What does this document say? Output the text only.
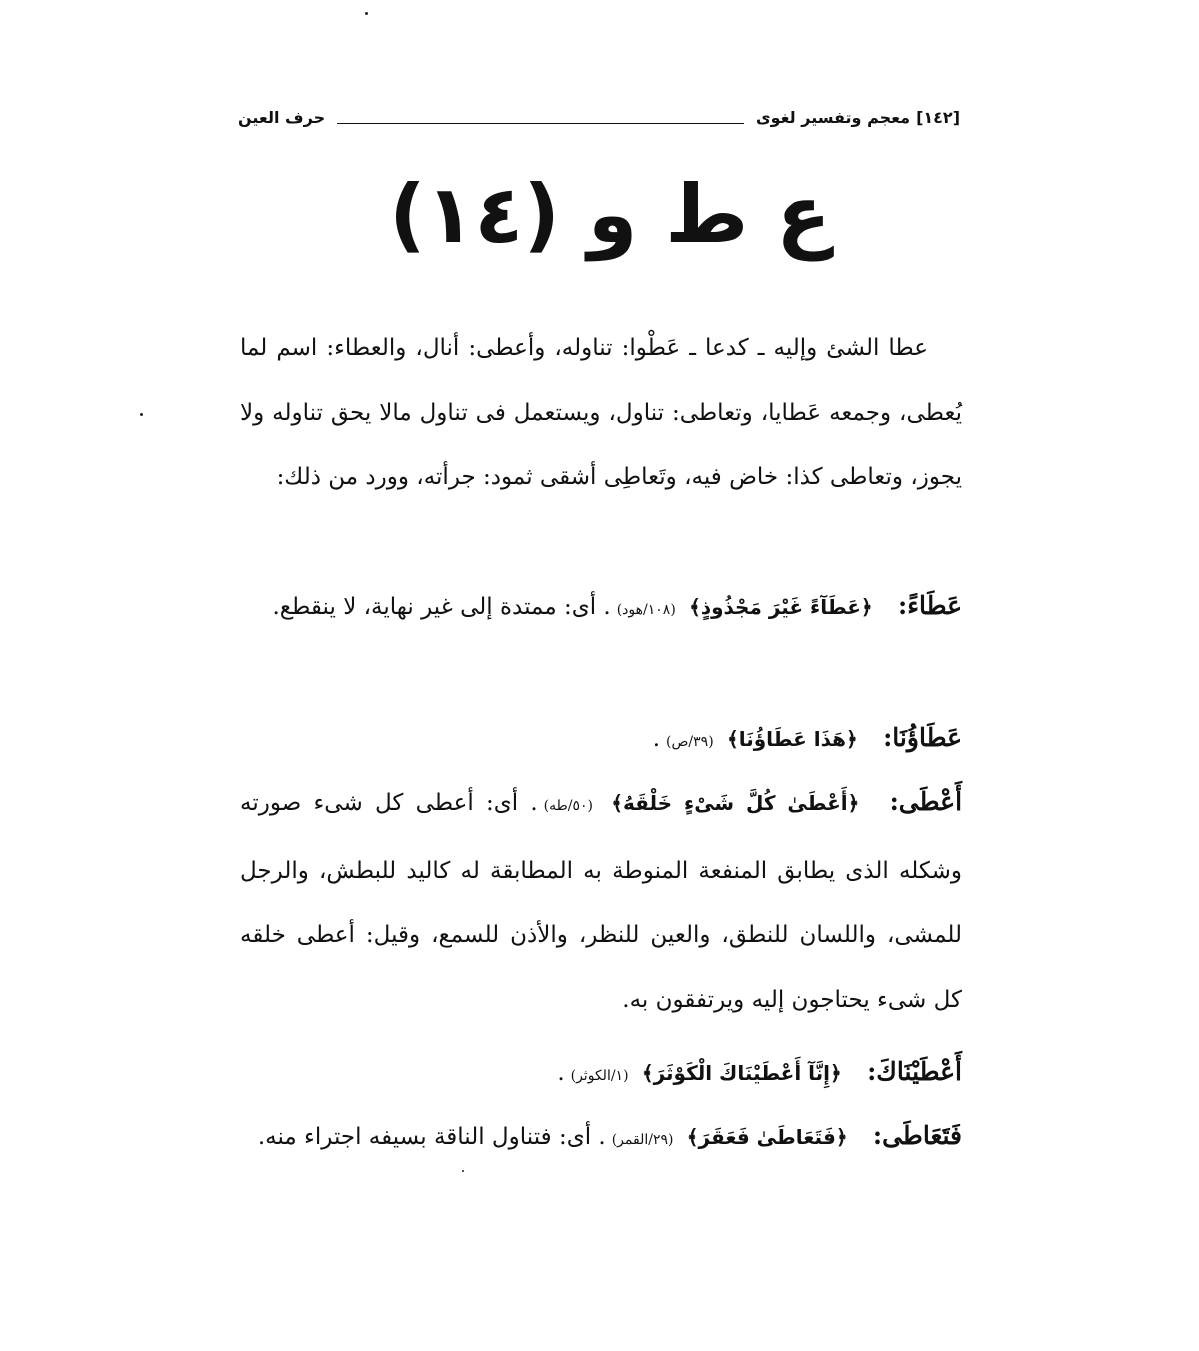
[١٤٢]
معجم وتفسير لغوى
حرف العين
ع ط و (١٤)
عطا الشئ وإليه ـ كدعا ـ عَطْوا: تناوله، وأعطى: أنال، والعطاء: اسم لما يُعطى، وجمعه عَطايا، وتعاطى: تناول، ويستعمل فى تناول مالا يحق تناوله ولا يجوز، وتعاطى كذا: خاض فيه، وتَعاطِى أشقى ثمود: جرأته، وورد من ذلك:
عَطَاءً: ﴿عَطَآءً غَيْرَ مَجْذُوذٍ﴾ (١٠٨/هود). أى: ممتدة إلى غير نهاية، لا ينقطع.
عَطَاؤُنَا: ﴿هَذَا عَطَاؤُنَا﴾ (٣٩/ص).
أَعْطَى: ﴿أَعْطَىٰ كُلَّ شَىْءٍ خَلْقَهُ﴾ (٥٠/طه). أى: أعطى كل شىء صورته وشكله الذى يطابق المنفعة المنوطة به المطابقة له كاليد للبطش، والرجل للمشى، واللسان للنطق، والعين للنظر، والأذن للسمع، وقيل: أعطى خلقه كل شىء يحتاجون إليه ويرتفقون به.
أَعْطَيْنَاكَ: ﴿إِنَّآ أَعْطَيْنَاكَ الْكَوْثَرَ﴾ (١/الكوثر).
فَتَعَاطَى: ﴿فَتَعَاطَىٰ فَعَقَرَ﴾ (٢٩/القمر). أى: فتناول الناقة بسيفه اجتراء منه.
